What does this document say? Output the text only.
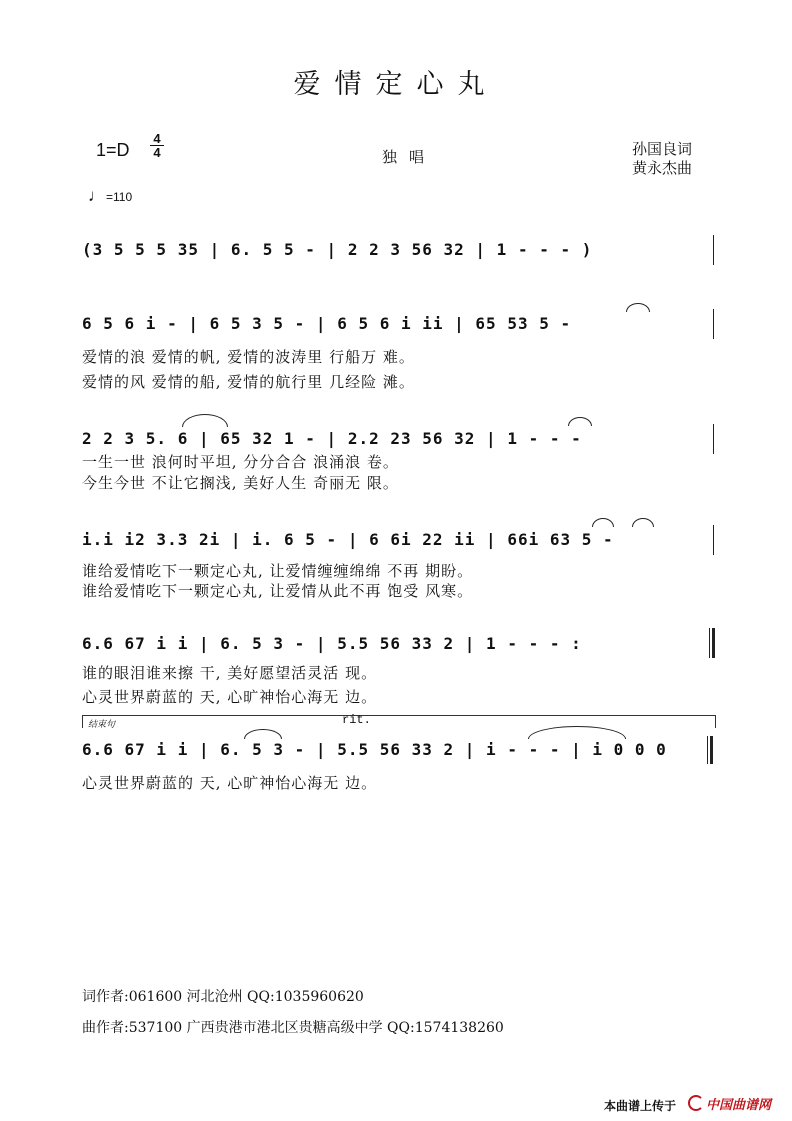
爱情定心丸
1=D
4
4	独唱	孙国良词
黄永杰曲
♩=110
(3 5 5 5 35 | 6. 5 5 - | 2 2 3 56 32 | 1 - - - )
6 5 6 i - | 6 5 3 5 - | 6 5 6 i ii | 65 53 5 -
爱情的浪 爱情的帆, 爱情的波涛里 行船万 难。
爱情的风 爱情的船, 爱情的航行里 几经险 滩。
2 2 3 5. 6 | 65 32 1 - | 2.2 23 56 32 | 1 - - -
一生一世 浪何时平坦, 分分合合 浪涌浪 卷。
今生今世 不让它搁浅, 美好人生 奇丽无 限。
i.i i2 3.3 2i | i. 6 5 - | 6 6i 22 ii | 66i 63 5 -
谁给爱情吃下一颗定心丸, 让爱情缠缠绵绵 不再 期盼。
谁给爱情吃下一颗定心丸, 让爱情从此不再 饱受 风寒。
6.6 67 i i | 6. 5 3 - | 5.5 56 33 2 | 1 - - - :
谁的眼泪谁来擦 干, 美好愿望活灵活 现。
心灵世界蔚蓝的 天, 心旷神怡心海无 边。
结束句	rit.
6.6 67 i i | 6. 5 3 - | 5.5 56 33 2 | i - - - | i 0 0 0
心灵世界蔚蓝的 天, 心旷神怡心海无 边。
词作者:061600 河北沧州 QQ:1035960620
曲作者:537100 广西贵港市港北区贵糖高级中学 QQ:1574138260
本曲谱上传于	中国曲谱网
